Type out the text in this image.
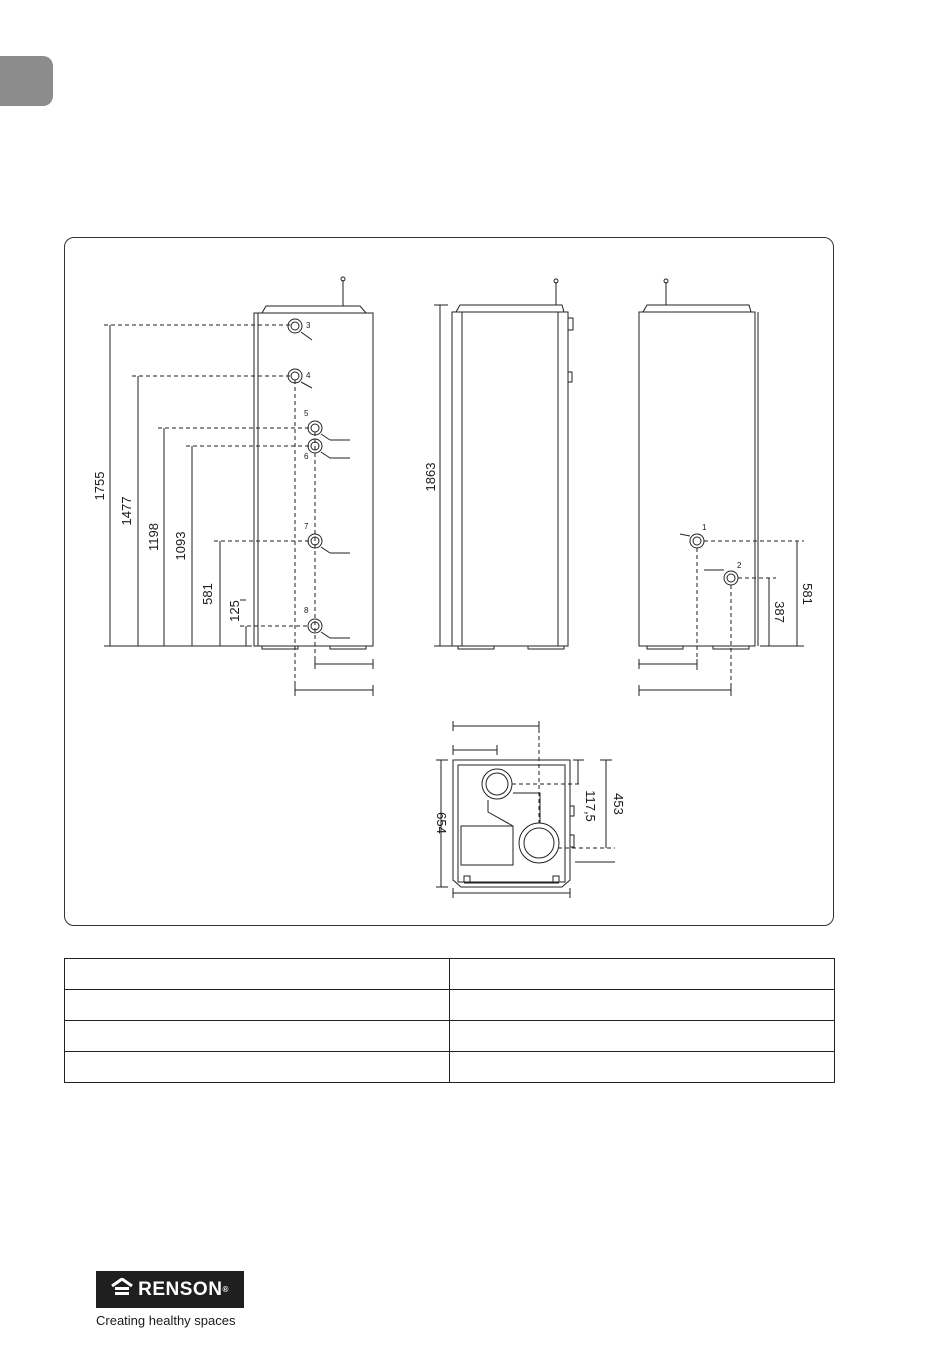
1755
1477
1198 1093
581
125
3
4
5
6
7
8
1863
1
2
581
387
654
117,5 453

RENSON ®
Creating healthy spaces
